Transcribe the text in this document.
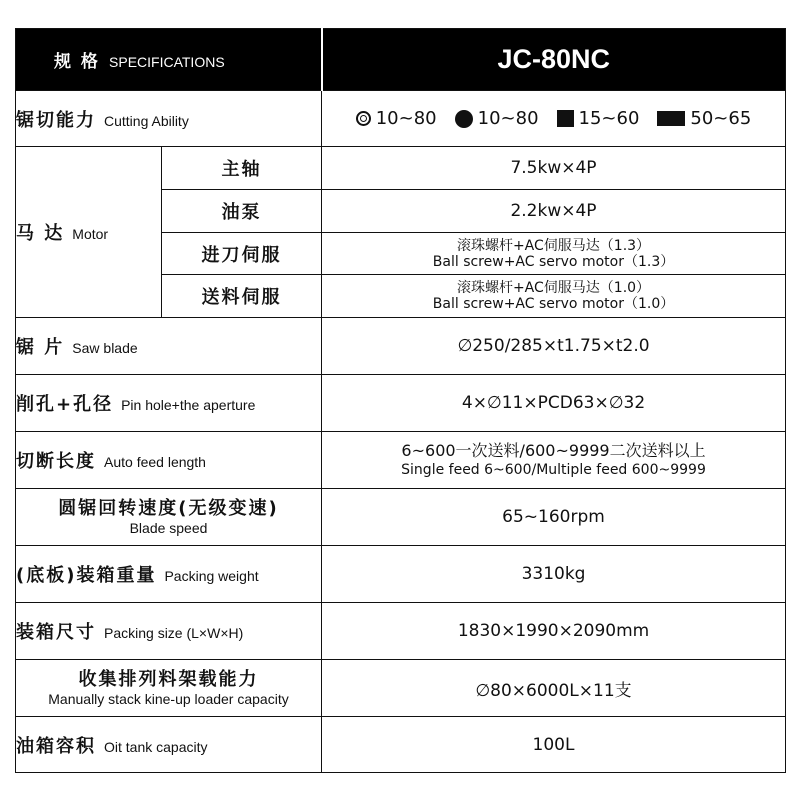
规 格 SPECIFICATIONS		JC-80NC
锯切能力 Cutting Ability		10~80 10~80 15~60 50~65

马 达 Motor	主轴	7.5kw×4P
	油泵	2.2kw×4P
	进刀伺服	滚珠螺杆+AC伺服马达（1.3）
Ball screw+AC servo motor（1.3）

	送料伺服	滚珠螺杆+AC伺服马达（1.0）
Ball screw+AC servo motor（1.0）

锯 片 Saw blade		∅250/285×t1.75×t2.0
削孔+孔径 Pin hole+the aperture		4×∅11×PCD63×∅32
切断长度 Auto feed length		6~600一次送料/600~9999二次送料以上
Single feed 6~600/Multiple feed 600~9999

圆锯回转速度(无级变速)
Blade speed		65~160rpm
(底板)装箱重量 Packing weight		3310kg
装箱尺寸 Packing size (L×W×H)		1830×1990×2090mm

收集排列料架载能力
Manually stack kine-up loader capacity		∅80×6000L×11支
油箱容积 Oit tank capacity		100L
